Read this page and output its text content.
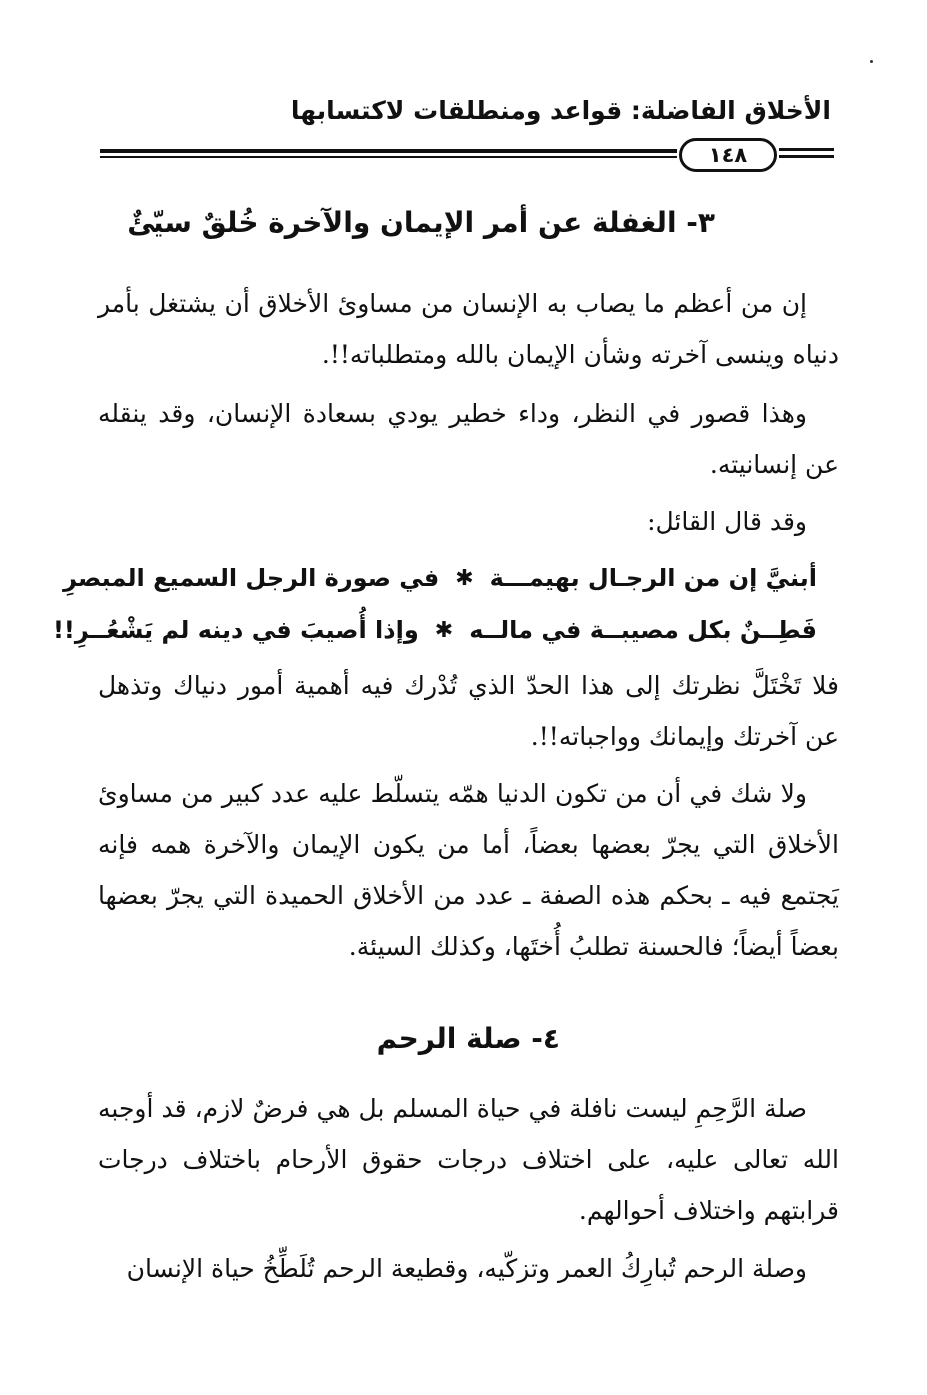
الأخلاق الفاضلة: قواعد ومنطلقات لاكتسابها
١٤٨
٣- الغفلة عن أمر الإيمان والآخرة خُلقٌ سيّئٌ

إن من أعظم ما يصاب به الإنسان من مساوئ الأخلاق أن يشتغل بأمر دنياه وينسى آخرته وشأن الإيمان بالله ومتطلباته!!.

وهذا قصور في النظر، وداء خطير يودي بسعادة الإنسان، وقد ينقله عن إنسانيته.

وقد قال القائل:

أبنيَّ إن من الرجـال بهيمـــة
✱
في صورة الرجل السميع المبصرِ
فَطِــنٌ بكل مصيبــة في مالــه
✱
وإذا أُصيبَ في دينه لم يَشْعُــرِ!!

فلا تَخْتَلَّ نظرتك إلى هذا الحدّ الذي تُدْرك فيه أهمية أمور دنياك وتذهل عن آخرتك وإيمانك وواجباته!!.

ولا شك في أن من تكون الدنيا همّه يتسلّط عليه عدد كبير من مساوئ الأخلاق التي يجرّ بعضها بعضاً، أما من يكون الإيمان والآخرة همه فإنه يَجتمع فيه ـ بحكم هذه الصفة ـ عدد من الأخلاق الحميدة التي يجرّ بعضها بعضاً أيضاً؛ فالحسنة تطلبُ أُختَها، وكذلك السيئة.

٤- صلة الرحم

صلة الرَّحِمِ ليست نافلة في حياة المسلم بل هي فرضٌ لازم، قد أوجبه الله تعالى عليه، على اختلاف درجات حقوق الأرحام باختلاف درجات قرابتهم واختلاف أحوالهم.

وصلة الرحم تُبارِكُ العمر وتزكّيه، وقطيعة الرحم تُلَطِّخُ حياة الإنسان
